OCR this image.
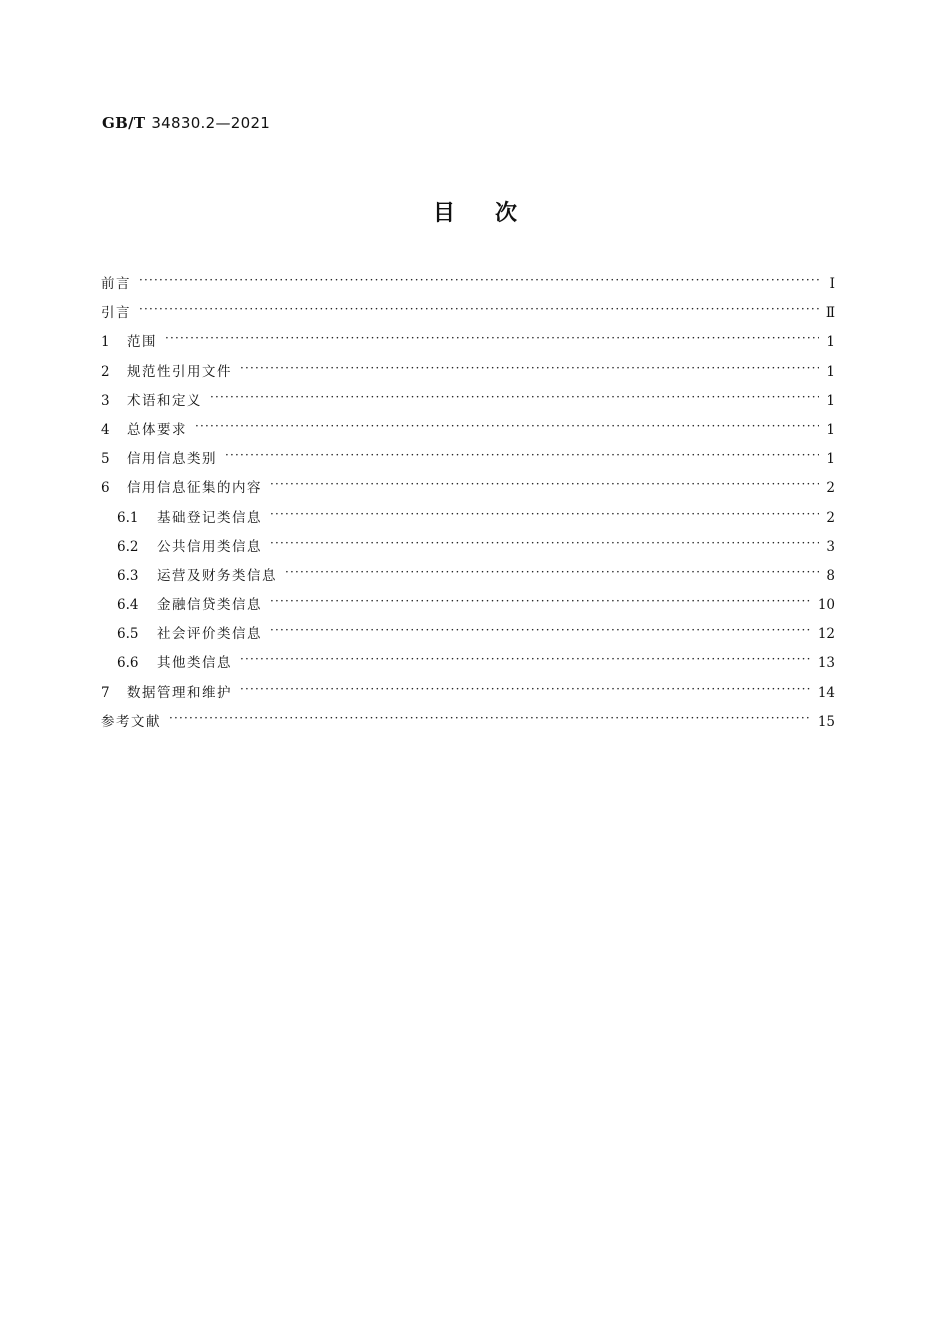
GB/T 34830.2—2021
目次
前言 ·····	Ⅰ
引言 ·····	Ⅱ
1	范围 ·····	1
2	规范性引用文件 ·····	1
3	术语和定义 ·····	1
4	总体要求 ·····	1
5	信用信息类别 ·····	1
6	信用信息征集的内容 ·····	2
6.1	基础登记类信息 ·····	2
6.2	公共信用类信息 ·····	3
6.3	运营及财务类信息 ·····	8
6.4	金融信贷类信息 ·····	10
6.5	社会评价类信息 ·····	12
6.6	其他类信息 ·····	13
7	数据管理和维护 ·····	14
参考文献 ·····	15
